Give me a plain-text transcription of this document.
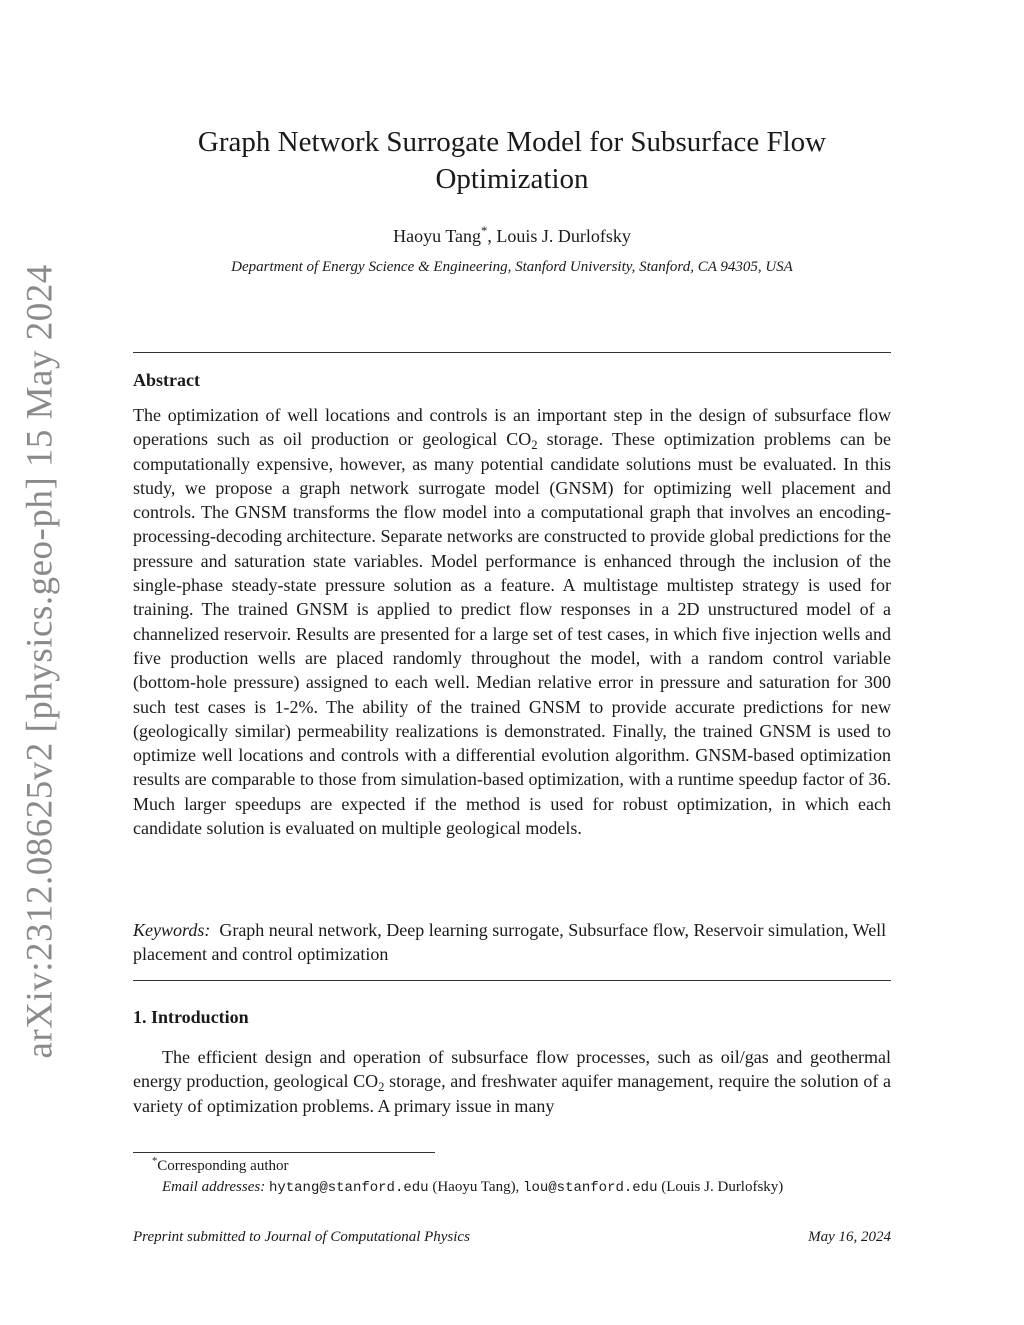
arXiv:2312.08625v2 [physics.geo-ph] 15 May 2024
Graph Network Surrogate Model for Subsurface Flow
Optimization
Haoyu Tang*, Louis J. Durlofsky
Department of Energy Science & Engineering, Stanford University, Stanford, CA 94305, USA
Abstract
The optimization of well locations and controls is an important step in the design of subsurface flow operations such as oil production or geological $CO_2$ storage. These optimization problems can be computationally expensive, however, as many potential candidate solutions must be evaluated. In this study, we propose a graph network surrogate model (GNSM) for optimizing well placement and controls. The GNSM transforms the flow model into a computational graph that involves an encoding-processing-decoding architecture. Separate networks are constructed to provide global predictions for the pressure and saturation state variables. Model performance is enhanced through the inclusion of the single-phase steady-state pressure solution as a feature. A multistage multistep strategy is used for training. The trained GNSM is applied to predict flow responses in a 2D unstructured model of a channelized reservoir. Results are presented for a large set of test cases, in which five injection wells and five production wells are placed randomly throughout the model, with a random control variable (bottom-hole pressure) assigned to each well. Median relative error in pressure and saturation for 300 such test cases is 1-2%. The ability of the trained GNSM to provide accurate predictions for new (geologically similar) permeability realizations is demonstrated. Finally, the trained GNSM is used to optimize well locations and controls with a differential evolution algorithm. GNSM-based optimization results are comparable to those from simulation-based optimization, with a runtime speedup factor of 36. Much larger speedups are expected if the method is used for robust optimization, in which each candidate solution is evaluated on multiple geological models.
Keywords: Graph neural network, Deep learning surrogate, Subsurface flow, Reservoir simulation, Well placement and control optimization
1. Introduction
The efficient design and operation of subsurface flow processes, such as oil/gas and geothermal energy production, geological $CO_2$ storage, and freshwater aquifer management, require the solution of a variety of optimization problems. A primary issue in many
*Corresponding author
Email addresses: hytang@stanford.edu (Haoyu Tang), lou@stanford.edu (Louis J. Durlofsky)
Preprint submitted to Journal of Computational Physics	May 16, 2024
